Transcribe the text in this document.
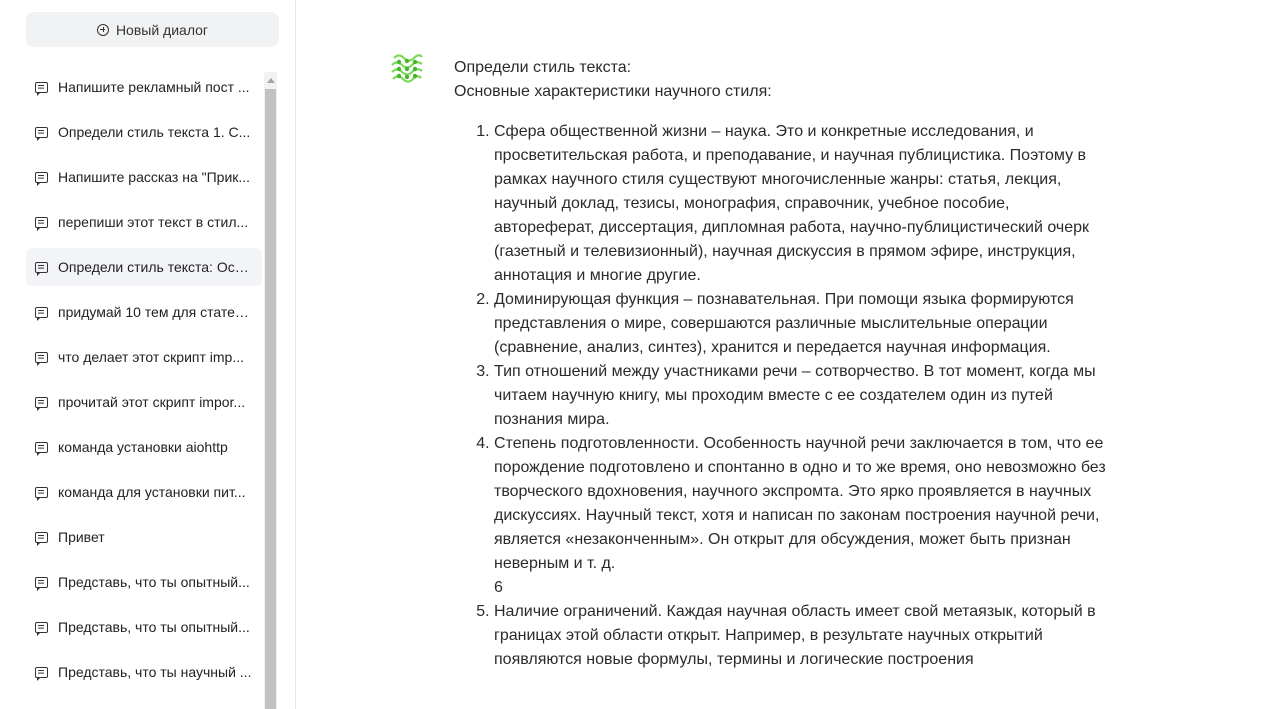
Новый диалог
Напишите рекламный пост ...
Определи стиль текста 1. С...
Напишите рассказ на "Прик...
перепиши этот текст в стил...
Определи стиль текста: Осн...
придумай 10 тем для статей...
что делает этот скрипт imp...
прочитай этот скрипт impor...
команда установки aiohttp
команда для установки пит...
Привет
Представь, что ты опытный...
Представь, что ты опытный...
Представь, что ты научный ...

Определи стиль текста:

Основные характеристики научного стиля:

1. Сфера общественной жизни – наука. Это и конкретные исследования, и просветительская работа, и преподавание, и научная публицистика. Поэтому в рамках научного стиля существуют многочисленные жанры: статья, лекция, научный доклад, тезисы, монография, справочник, учебное пособие, автореферат, диссертация, дипломная работа, научно-публицистический очерк (газетный и телевизионный), научная дискуссия в прямом эфире, инструкция, аннотация и многие другие.
2. Доминирующая функция – познавательная. При помощи языка формируются представления о мире, совершаются различные мыслительные операции (сравнение, анализ, синтез), хранится и передается научная информация.
3. Тип отношений между участниками речи – сотворчество. В тот момент, когда мы читаем научную книгу, мы проходим вместе с ее создателем один из путей познания мира.
4. Степень подготовленности. Особенность научной речи заключается в том, что ее порождение подготовлено и спонтанно в одно и то же время, оно невозможно без творческого вдохновения, научного экспромта. Это ярко проявляется в научных дискуссиях. Научный текст, хотя и написан по законам построения научной речи, является «незаконченным». Он открыт для обсуждения, может быть признан неверным и т. д.
6
5. Наличие ограничений. Каждая научная область имеет свой метаязык, который в границах этой области открыт. Например, в результате научных открытий появляются новые формулы, термины и логические построения
